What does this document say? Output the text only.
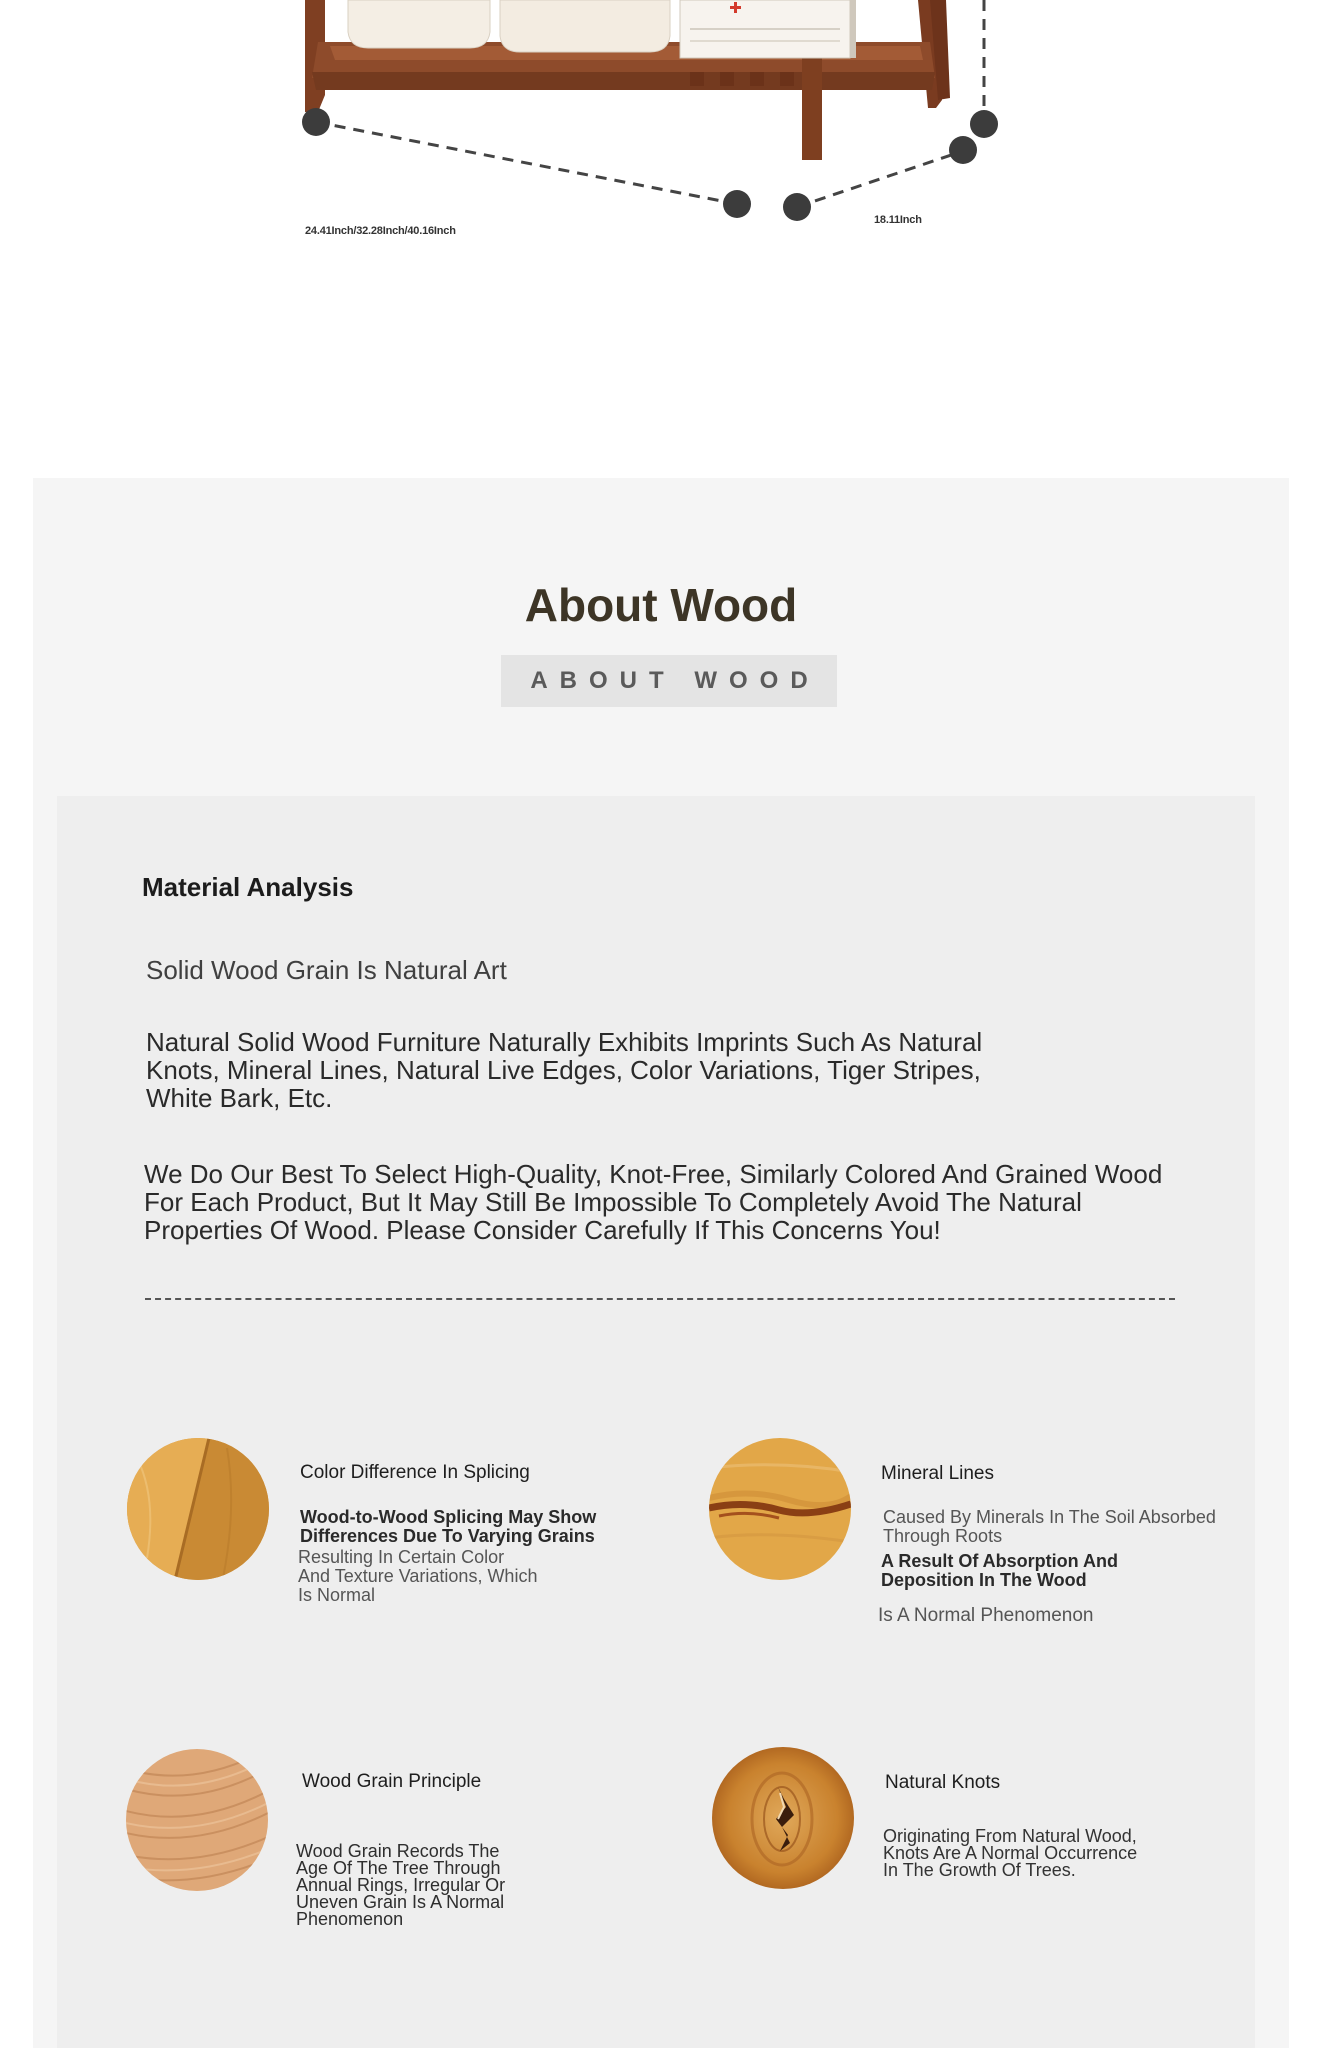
24.41Inch/32.28Inch/40.16Inch
18.11Inch
About Wood
ABOUT WOOD
Material Analysis

Solid Wood Grain Is Natural Art

Natural Solid Wood Furniture Naturally Exhibits Imprints Such As Natural Knots, Mineral Lines, Natural Live Edges, Color Variations, Tiger Stripes, White Bark, Etc.

We Do Our Best To Select High-Quality, Knot-Free, Similarly Colored And Grained Wood For Each Product, But It May Still Be Impossible To Completely Avoid The Natural Properties Of Wood. Please Consider Carefully If This Concerns You!

Color Difference In Splicing
Wood-to-Wood Splicing May Show Differences Due To Varying Grains
Resulting In Certain Color And Texture Variations, Which Is Normal
Mineral Lines
Caused By Minerals In The Soil Absorbed Through Roots
A Result Of Absorption And Deposition In The Wood
Is A Normal Phenomenon
Wood Grain Principle
Wood Grain Records The Age Of The Tree Through Annual Rings, Irregular Or Uneven Grain Is A Normal Phenomenon
Natural Knots
Originating From Natural Wood, Knots Are A Normal Occurrence In The Growth Of Trees.
